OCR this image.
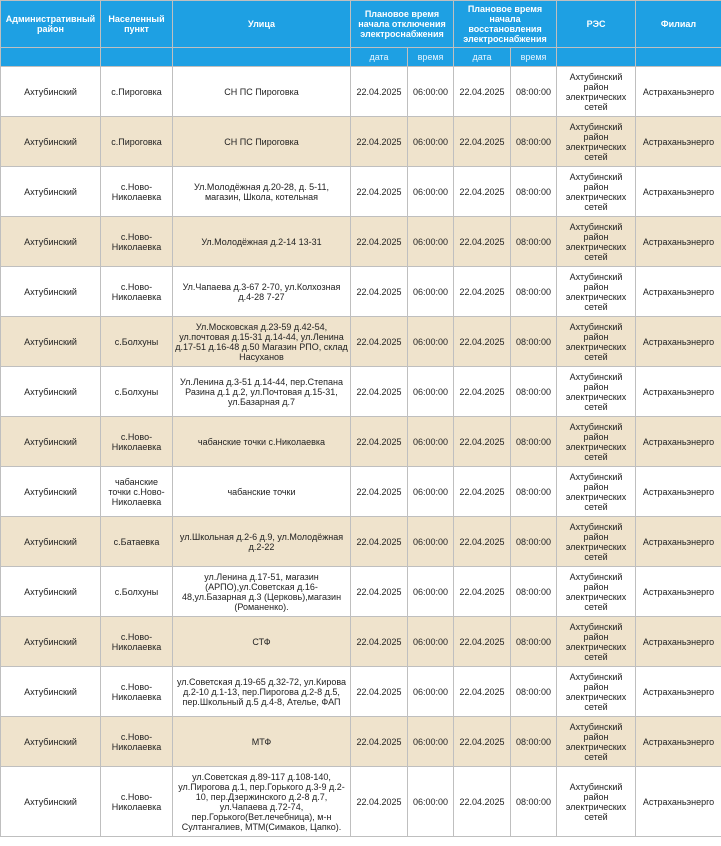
Административный район	Населенный пункт	Улица	Плановое время начала отключения электроснабжения		Плановое время начала восстановления электроснабжения		РЭС	Филиал
			дата	время	дата	время		
Ахтубинский	с.Пироговка	СН ПС Пироговка	22.04.2025	06:00:00	22.04.2025	08:00:00	Ахтубинский район электрических сетей	Астраханьэнерго
Ахтубинский	с.Пироговка	СН ПС Пироговка	22.04.2025	06:00:00	22.04.2025	08:00:00	Ахтубинский район электрических сетей	Астраханьэнерго
Ахтубинский	с.Ново-Николаевка	Ул.Молодёжная д.20-28, д. 5-11, магазин, Школа, котельная	22.04.2025	06:00:00	22.04.2025	08:00:00	Ахтубинский район электрических сетей	Астраханьэнерго
Ахтубинский	с.Ново-Николаевка	Ул.Молодёжная д.2-14 13-31	22.04.2025	06:00:00	22.04.2025	08:00:00	Ахтубинский район электрических сетей	Астраханьэнерго
Ахтубинский	с.Ново-Николаевка	Ул.Чапаева д.3-67 2-70, ул.Колхозная д.4-28 7-27	22.04.2025	06:00:00	22.04.2025	08:00:00	Ахтубинский район электрических сетей	Астраханьэнерго
Ахтубинский	с.Болхуны	Ул.Московская д.23-59 д.42-54, ул.почтовая д.15-31 д.14-44, ул.Ленина д.17-51 д.16-48 д.50 Магазин РПО, склад Насуханов	22.04.2025	06:00:00	22.04.2025	08:00:00	Ахтубинский район электрических сетей	Астраханьэнерго
Ахтубинский	с.Болхуны	Ул.Ленина д.3-51 д.14-44, пер.Степана Разина д.1 д.2, ул.Почтовая д.15-31, ул.Базарная д.7	22.04.2025	06:00:00	22.04.2025	08:00:00	Ахтубинский район электрических сетей	Астраханьэнерго
Ахтубинский	с.Ново-Николаевка	чабанские точки с.Николаевка	22.04.2025	06:00:00	22.04.2025	08:00:00	Ахтубинский район электрических сетей	Астраханьэнерго
Ахтубинский	чабанские точки с.Ново-Николаевка	чабанские точки	22.04.2025	06:00:00	22.04.2025	08:00:00	Ахтубинский район электрических сетей	Астраханьэнерго
Ахтубинский	с.Батаевка	ул.Школьная д.2-6 д.9, ул.Молодёжная д.2-22	22.04.2025	06:00:00	22.04.2025	08:00:00	Ахтубинский район электрических сетей	Астраханьэнерго
Ахтубинский	с.Болхуны	ул.Ленина д.17-51, магазин (АРПО),ул.Советская д.16-48,ул.Базарная д.3 (Церковь),магазин (Романенко).	22.04.2025	06:00:00	22.04.2025	08:00:00	Ахтубинский район электрических сетей	Астраханьэнерго
Ахтубинский	с.Ново-Николаевка	СТФ	22.04.2025	06:00:00	22.04.2025	08:00:00	Ахтубинский район электрических сетей	Астраханьэнерго
Ахтубинский	с.Ново-Николаевка	ул.Советская д.19-65 д.32-72, ул.Кирова д.2-10 д.1-13, пер.Пирогова д.2-8 д.5, пер.Школьный д.5 д.4-8, Ателье, ФАП	22.04.2025	06:00:00	22.04.2025	08:00:00	Ахтубинский район электрических сетей	Астраханьэнерго
Ахтубинский	с.Ново-Николаевка	МТФ	22.04.2025	06:00:00	22.04.2025	08:00:00	Ахтубинский район электрических сетей	Астраханьэнерго
Ахтубинский	с.Ново-Николаевка	ул.Советская д.89-117 д.108-140, ул.Пирогова д.1, пер.Горького д.3-9 д.2-10, пер.Дзержинского д.2-8 д.7, ул.Чапаева д.72-74, пер.Горького(Вет.лечебница), м-н Султангалиев, МТМ(Симаков, Цапко).	22.04.2025	06:00:00	22.04.2025	08:00:00	Ахтубинский район электрических сетей	Астраханьэнерго
